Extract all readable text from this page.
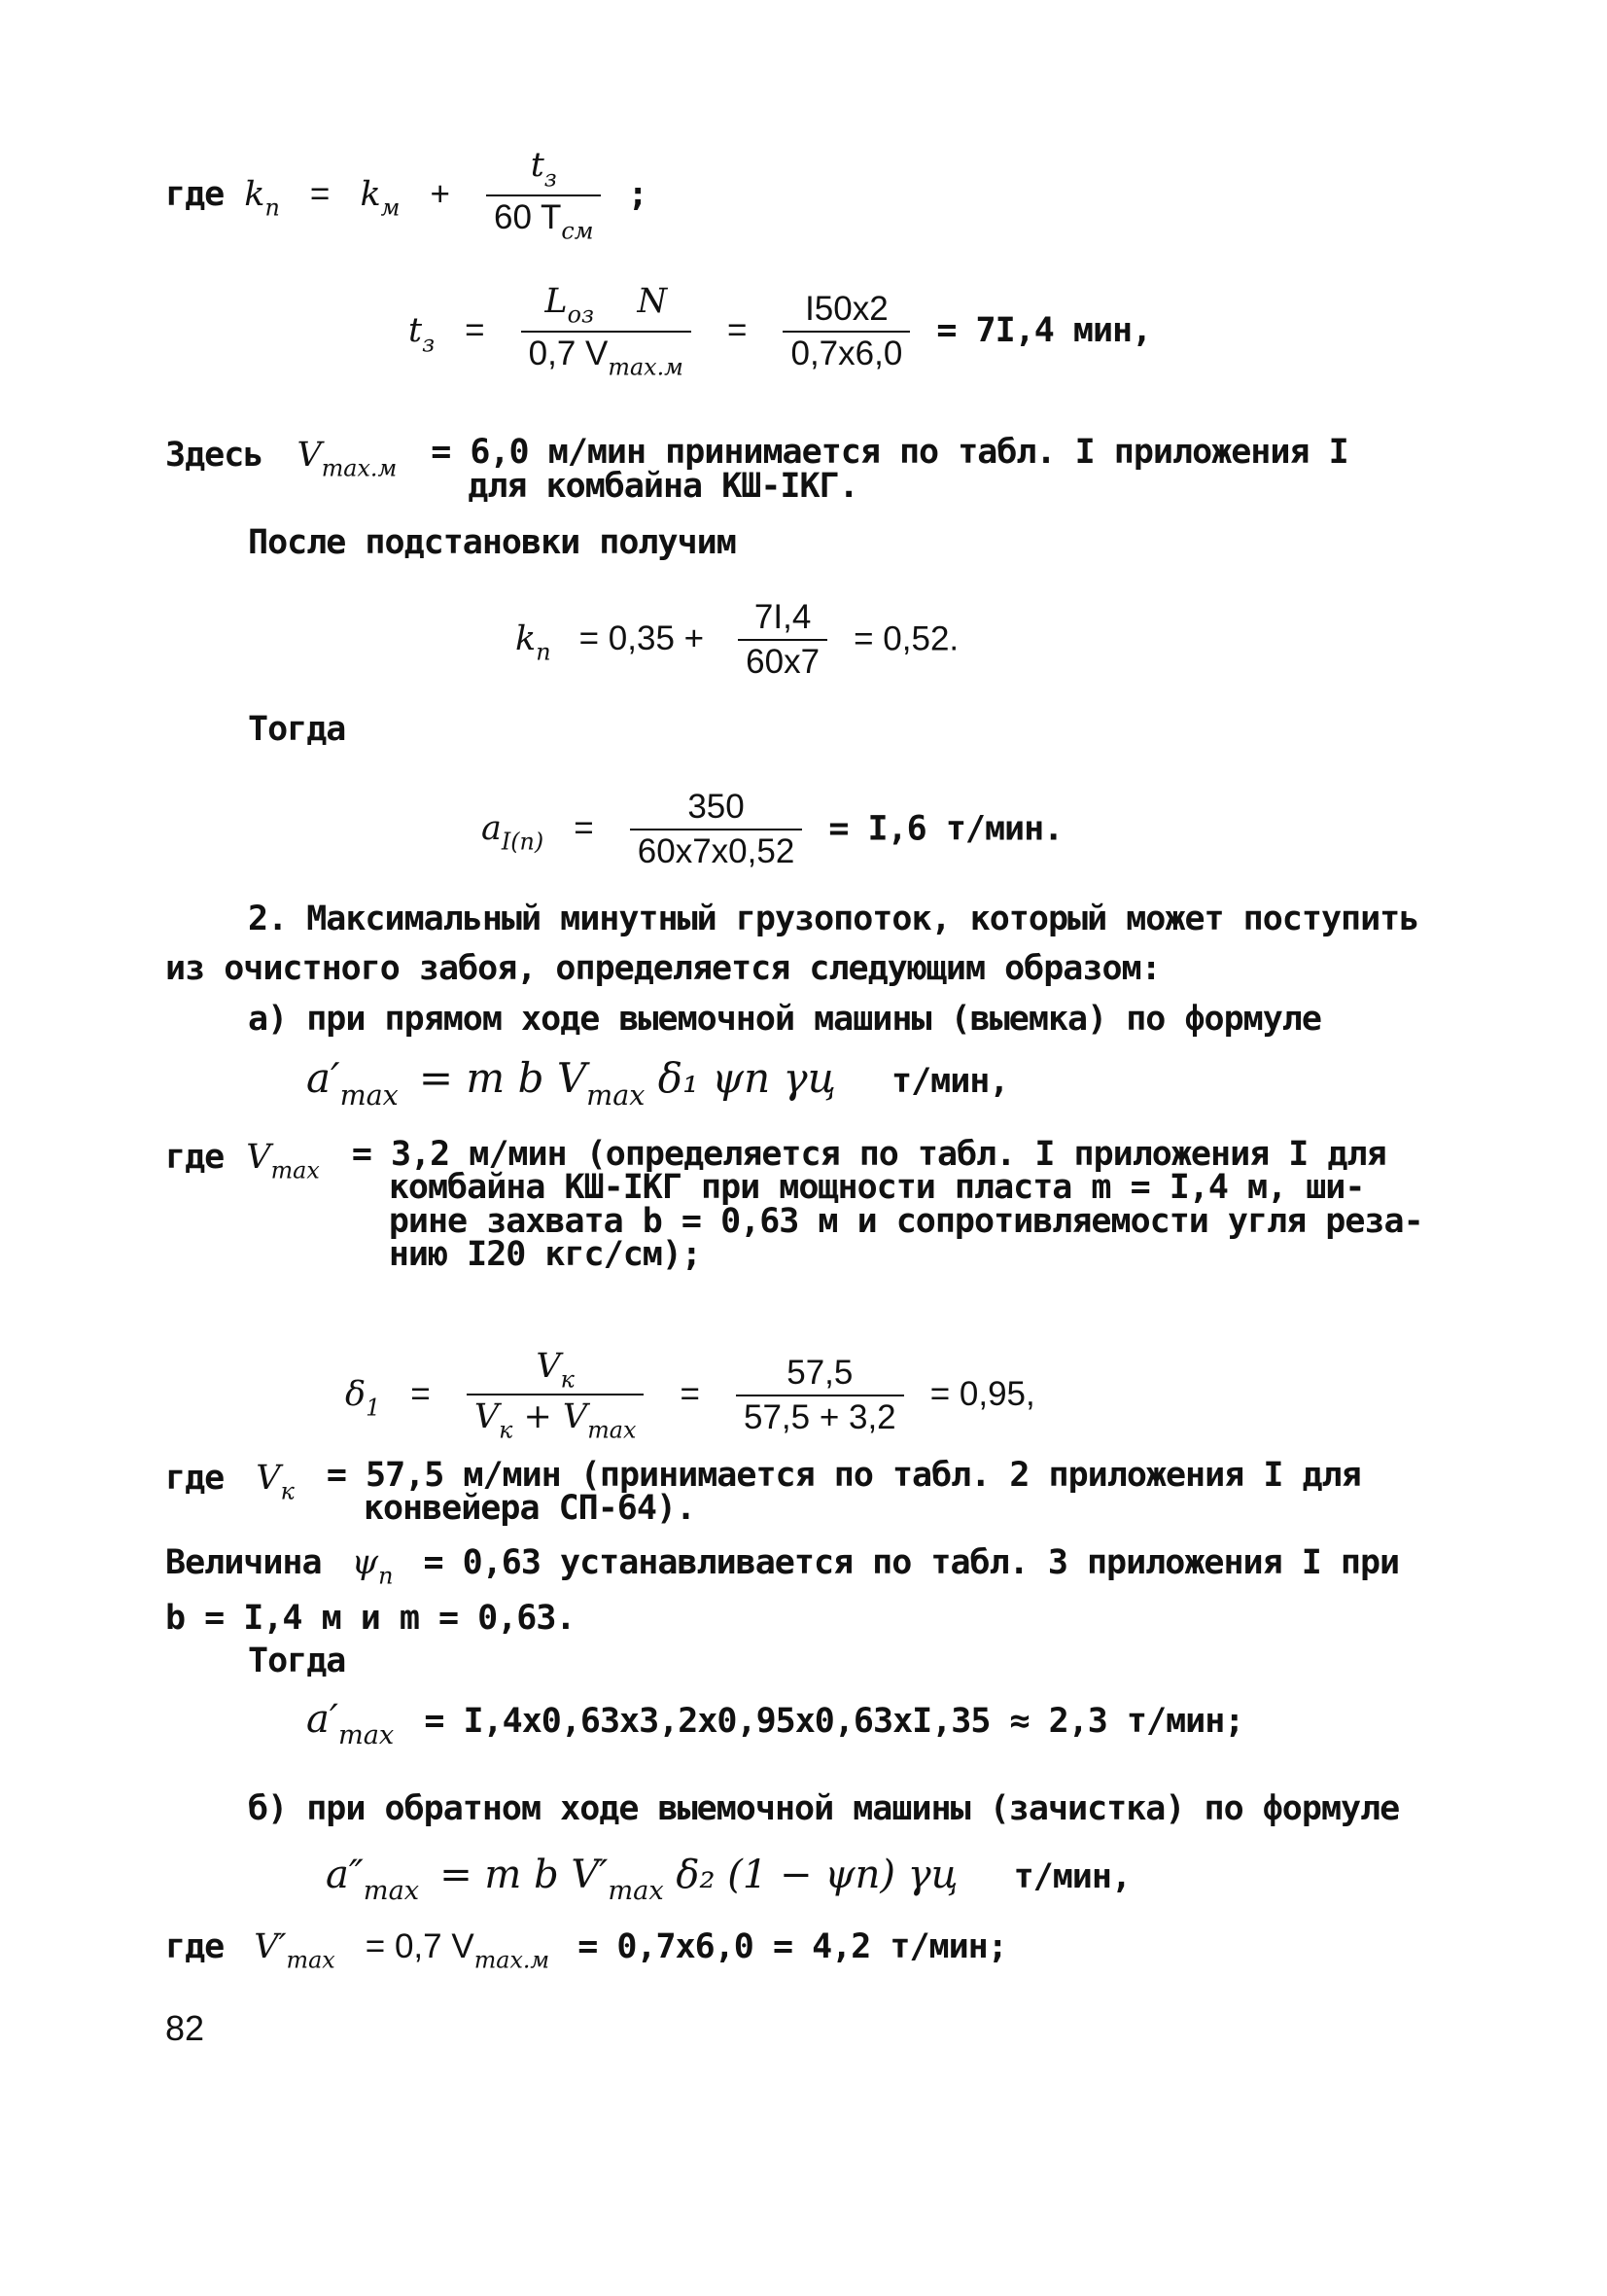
где $k_п = k_м + \frac{t_з}{60 T_{см}}$ ;
$t_з = \frac{L_{оз} N}{0,7 V_{max.м}} = \frac{I50x2}{0,7x6,0} = 7I,4$ мин,
Здесь $V_{max.м} = 6,0$ м/мин принимается по табл. I приложения I
для комбайна КШ-IКГ.
После подстановки получим
$k_п = 0,35 + \frac{7I,4}{60x7} = 0,52$.
Тогда
$a_{I(п)} = \frac{350}{60x7x0,52} = I,6$ т/мин.
2. Максимальный минутный грузопоток, который может поступить
из очистного забоя, определяется следующим образом:
а) при прямом ходе выемочной машины (выемка) по формуле
$a'_{max} = m$ b $V_{max}$ δ₁ ψп γц т/мин,
где $V_{max} = 3,2$ м/мин (определяется по табл. I приложения I для
комбайна КШ-IКГ при мощности пласта m = I,4 м, ши-
рине захвата b = 0,63 м и сопротивляемости угля реза-
нию I20 кгс/см);
$\delta_1 = \frac{V_к}{V_к + V_{max}} = \frac{57,5}{57,5 + 3,2} = 0,95$,
где $V_к = 57,5$ м/мин (принимается по табл. 2 приложения I для
конвейера СП-64).
Величина $\psi_п = 0,63$ устанавливается по табл. 3 приложения I при
b = I,4 м и m = 0,63.
Тогда
$a'_{max} = I,4x0,63x3,2x0,95x0,63xI,35 \approx 2,3$ т/мин;
б) при обратном ходе выемочной машины (зачистка) по формуле
$a''_{max} = m$ b $V'_{max}$ δ₂ (1 − ψп) γц т/мин,
где $V'_{max} = 0,7$ $V_{max.м} = 0,7x6,0 = 4,2$ т/мин;
82
